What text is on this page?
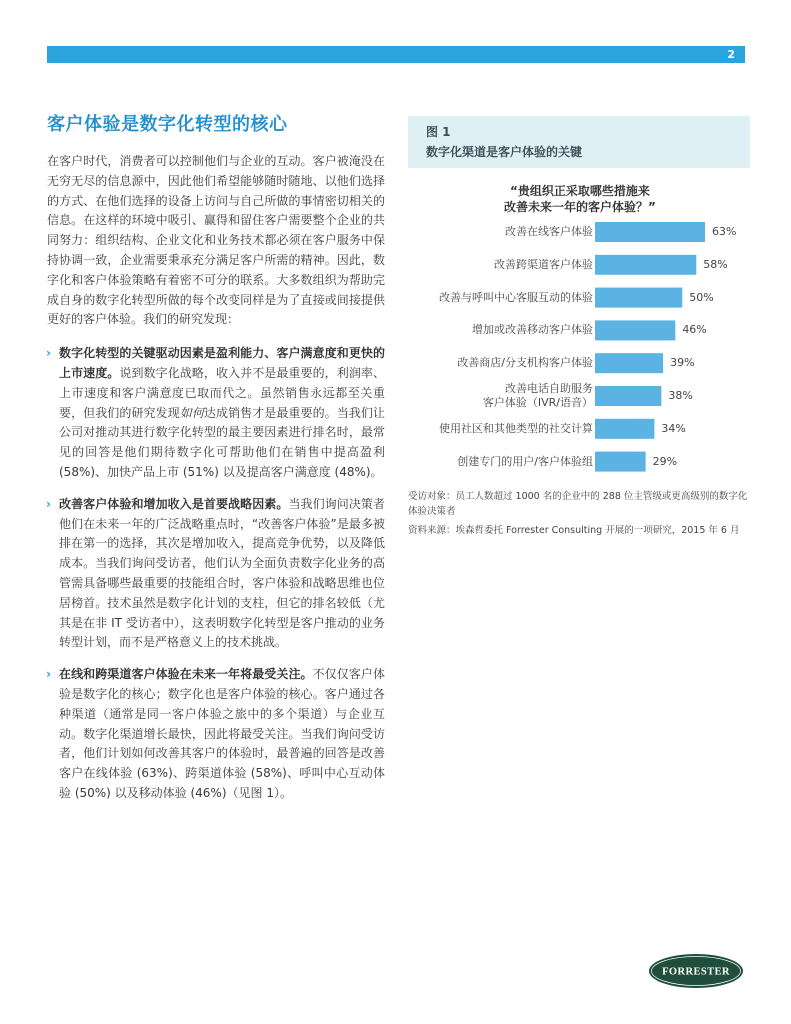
2
客户体验是数字化转型的核心

在客户时代，消费者可以控制他们与企业的互动。客户被淹没在无穷无尽的信息源中，因此他们希望能够随时随地、以他们选择的方式、在他们选择的设备上访问与自己所做的事情密切相关的信息。在这样的环境中吸引、赢得和留住客户需要整个企业的共同努力：组织结构、企业文化和业务技术都必须在客户服务中保持协调一致，企业需要秉承充分满足客户所需的精神。因此，数字化和客户体验策略有着密不可分的联系。大多数组织为帮助完成自身的数字化转型所做的每个改变同样是为了直接或间接提供更好的客户体验。我们的研究发现：

› 数字化转型的关键驱动因素是盈利能力、客户满意度和更快的上市速度。说到数字化战略，收入并不是最重要的，利润率、上市速度和客户满意度已取而代之。虽然销售永远都至关重要，但我们的研究发现如何达成销售才是最重要的。当我们让公司对推动其进行数字化转型的最主要因素进行排名时，最常见的回答是他们期待数字化可帮助他们在销售中提高盈利 (58%)、加快产品上市 (51%) 以及提高客户满意度 (48%)。
› 改善客户体验和增加收入是首要战略因素。当我们询问决策者他们在未来一年的广泛战略重点时，“改善客户体验”是最多被排在第一的选择，其次是增加收入，提高竞争优势，以及降低成本。当我们询问受访者，他们认为全面负责数字化业务的高管需具备哪些最重要的技能组合时，客户体验和战略思维也位居榜首。技术虽然是数字化计划的支柱，但它的排名较低（尤其是在非 IT 受访者中），这表明数字化转型是客户推动的业务转型计划，而不是严格意义上的技术挑战。
› 在线和跨渠道客户体验在未来一年将最受关注。不仅仅客户体验是数字化的核心；数字化也是客户体验的核心。客户通过各种渠道（通常是同一客户体验之旅中的多个渠道）与企业互动。数字化渠道增长最快，因此将最受关注。当我们询问受访者，他们计划如何改善其客户的体验时，最普遍的回答是改善客户在线体验 (63%)、跨渠道体验 (58%)、呼叫中心互动体验 (50%) 以及移动体验 (46%)（见图 1）。
图 1
数字化渠道是客户体验的关键
“贵组织正采取哪些措施来
改善未来一年的客户体验？”
63%
改善在线客户体验
58%
改善跨渠道客户体验
50%
改善与呼叫中心客服互动的体验
46%
增加或改善移动客户体验
39%
改善商店/分支机构客户体验
38%
改善电话自助服务
客户体验（IVR/语音）
34%
使用社区和其他类型的社交计算
29%
创建专门的用户/客户体验组
受访对象：员工人数超过 1000 名的企业中的 288 位主管级或更高级别的数字化体验决策者
资料来源：埃森哲委托 Forrester Consulting 开展的一项研究，2015 年 6 月
FORRESTER
